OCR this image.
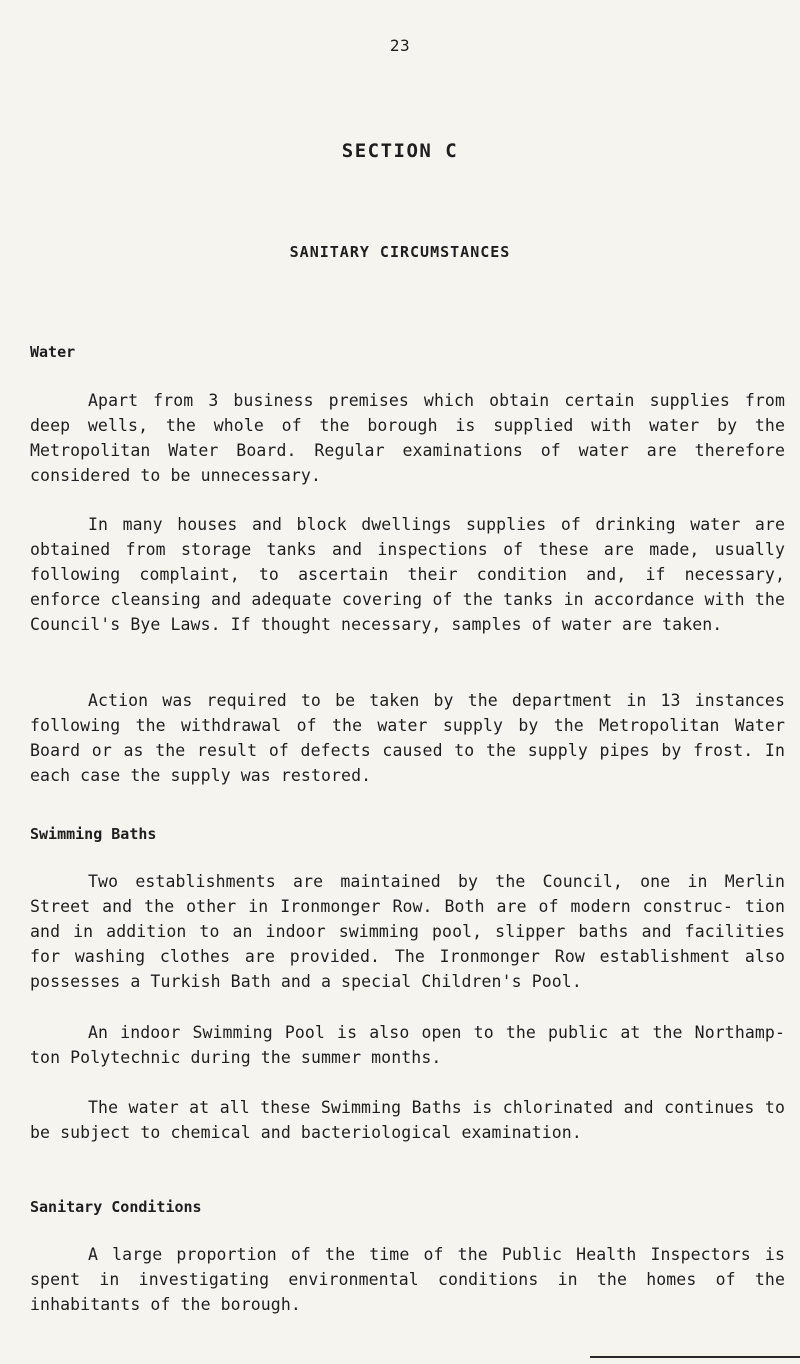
23
SECTION C
SANITARY CIRCUMSTANCES
Water
Apart from 3 business premises which obtain certain supplies from deep wells, the whole of the borough is supplied with water by the Metropolitan Water Board. Regular examinations of water are therefore considered to be unnecessary.
In many houses and block dwellings supplies of drinking water are obtained from storage tanks and inspections of these are made, usually following complaint, to ascertain their condition and, if necessary, enforce cleansing and adequate covering of the tanks in accordance with the Council's Bye Laws. If thought necessary, samples of water are taken.
Action was required to be taken by the department in 13 instances following the withdrawal of the water supply by the Metropolitan Water Board or as the result of defects caused to the supply pipes by frost. In each case the supply was restored.
Swimming Baths
Two establishments are maintained by the Council, one in Merlin Street and the other in Ironmonger Row. Both are of modern construc- tion and in addition to an indoor swimming pool, slipper baths and facilities for washing clothes are provided. The Ironmonger Row establishment also possesses a Turkish Bath and a special Children's Pool.
An indoor Swimming Pool is also open to the public at the Northamp- ton Polytechnic during the summer months.
The water at all these Swimming Baths is chlorinated and continues to be subject to chemical and bacteriological examination.
Sanitary Conditions
A large proportion of the time of the Public Health Inspectors is spent in investigating environmental conditions in the homes of the inhabitants of the borough.
